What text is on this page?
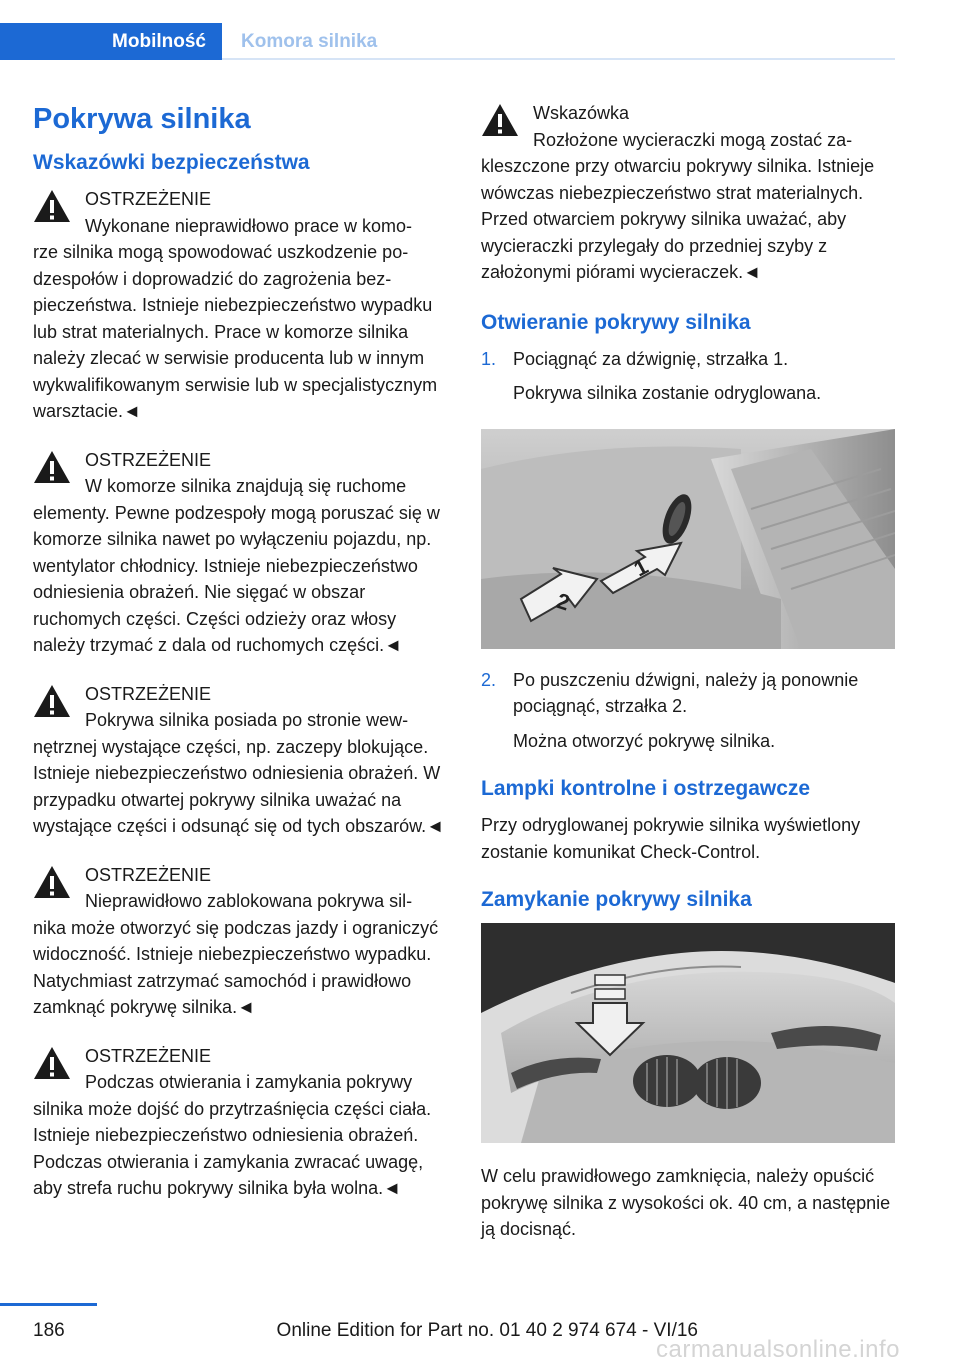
Mobilność	Komora silnika
Pokrywa silnika
Wskazówki bezpieczeństwa

OSTRZEŻENIE

Wykonane nieprawidłowo prace w komo-

rze silnika mogą spowodować uszkodzenie podzespołów i doprowadzić do zagrożenia bezpieczeństwa. Istnieje niebezpieczeństwo wypadku lub strat materialnych. Prace w komorze silnika należy zlecać w serwisie producenta lub w innym wykwalifikowanym serwisie lub w specjalistycznym warsztacie.◄

OSTRZEŻENIE

W komorze silnika znajdują się ruchome

elementy. Pewne podzespoły mogą poruszać się w komorze silnika nawet po wyłączeniu pojazdu, np. wentylator chłodnicy. Istnieje niebezpieczeństwo odniesienia obrażeń. Nie sięgać w obszar ruchomych części. Części odzieży oraz włosy należy trzymać z dala od ruchomych części.◄

OSTRZEŻENIE

Pokrywa silnika posiada po stronie wew-

nętrznej wystające części, np. zaczepy blokujące. Istnieje niebezpieczeństwo odniesienia obrażeń. W przypadku otwartej pokrywy silnika uważać na wystające części i odsunąć się od tych obszarów.◄

OSTRZEŻENIE

Nieprawidłowo zablokowana pokrywa sil-

nika może otworzyć się podczas jazdy i ograniczyć widoczność. Istnieje niebezpieczeństwo wypadku. Natychmiast zatrzymać samochód i prawidłowo zamknąć pokrywę silnika.◄

OSTRZEŻENIE

Podczas otwierania i zamykania pokrywy

silnika może dojść do przytrzaśnięcia części ciała. Istnieje niebezpieczeństwo odniesienia obrażeń. Podczas otwierania i zamykania zwracać uwagę, aby strefa ruchu pokrywy silnika była wolna.◄

Wskazówka

Rozłożone wycieraczki mogą zostać za-

kleszczone przy otwarciu pokrywy silnika. Istnieje wówczas niebezpieczeństwo strat materialnych. Przed otwarciem pokrywy silnika uważać, aby wycieraczki przylegały do przedniej szyby z założonymi piórami wycieraczek.◄

Otwieranie pokrywy silnika
1. Pociągnąć za dźwignię, strzałka 1.

Pokrywa silnika zostanie odryglowana.

1
2
2. Po puszczeniu dźwigni, należy ją ponownie pociągnąć, strzałka 2.

Można otworzyć pokrywę silnika.

Lampki kontrolne i ostrzegawcze

Przy odryglowanej pokrywie silnika wyświetlony zostanie komunikat Check-Control.

Zamykanie pokrywy silnika

W celu prawidłowego zamknięcia, należy opuścić pokrywę silnika z wysokości ok. 40 cm, a następnie ją docisnąć.

186	Online Edition for Part no. 01 40 2 974 674 - VI/16
carmanualsonline.info
